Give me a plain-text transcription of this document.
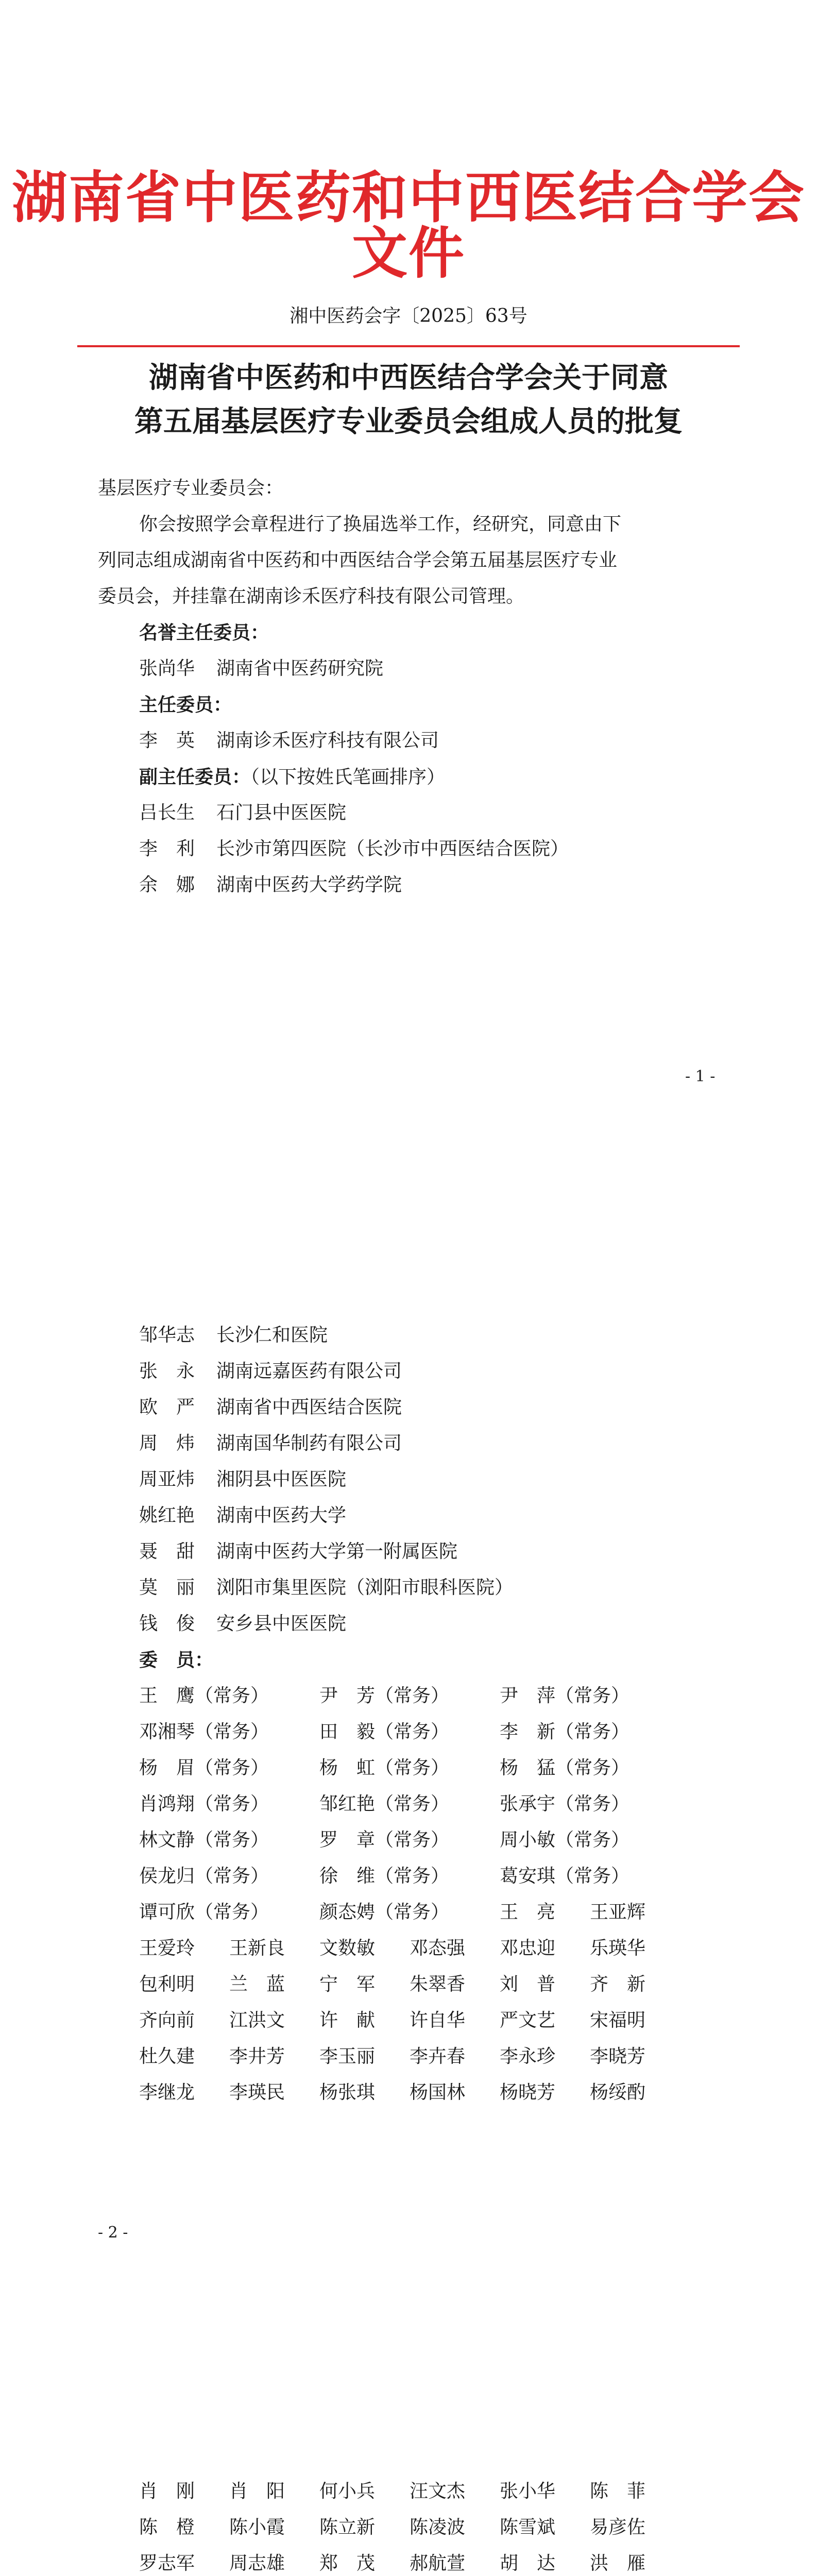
湖南省中医药和中西医结合学会文件
湘中医药会字〔2025〕63号
湖南省中医药和中西医结合学会关于同意
第五届基层医疗专业委员会组成人员的批复
基层医疗专业委员会：
你会按照学会章程进行了换届选举工作，经研究，同意由下
列同志组成湖南省中医药和中西医结合学会第五届基层医疗专业
委员会，并挂靠在湖南诊禾医疗科技有限公司管理。
名誉主任委员：
张尚华 湖南省中医药研究院
主任委员：
李　英 湖南诊禾医疗科技有限公司
副主任委员：（以下按姓氏笔画排序）
吕长生 石门县中医医院
李　利 长沙市第四医院（长沙市中西医结合医院）
余　娜 湖南中医药大学药学院
- 1 -
邹华志 长沙仁和医院
张　永 湖南远嘉医药有限公司
欧　严 湖南省中西医结合医院
周　炜 湖南国华制药有限公司
周亚炜 湘阴县中医医院
姚红艳 湖南中医药大学
聂　甜 湖南中医药大学第一附属医院
莫　丽 浏阳市集里医院（浏阳市眼科医院）
钱　俊 安乡县中医医院
委　员：
王　鹰（常务）	尹　芳（常务）	尹　萍（常务）
邓湘琴（常务）	田　毅（常务）	李　新（常务）
杨　眉（常务）	杨　虹（常务）	杨　猛（常务）
肖鸿翔（常务）	邹红艳（常务）	张承宇（常务）
林文静（常务）	罗　章（常务）	周小敏（常务）
侯龙归（常务）	徐　维（常务）	葛安琪（常务）
谭可欣（常务）	颜态娉（常务）	王　亮 王亚辉
王爱玲 王新良 文数敏 邓态强 邓忠迎 乐瑛华
包利明 兰　蓝 宁　军 朱翠香 刘　普 齐　新
齐向前 江洪文 许　献 许自华 严文艺 宋福明
杜久建 李井芳 李玉丽 李卉春 李永珍 李晓芳
李继龙 李瑛民 杨张琪 杨国林 杨晓芳 杨绥酌
- 2 -
肖　刚 肖　阳 何小兵 汪文杰 张小华 陈　菲
陈　橙 陈小霞 陈立新 陈凌波 陈雪斌 易彦佐
罗志军 周志雄 郑　茂 郝航萱 胡　达 洪　雁
